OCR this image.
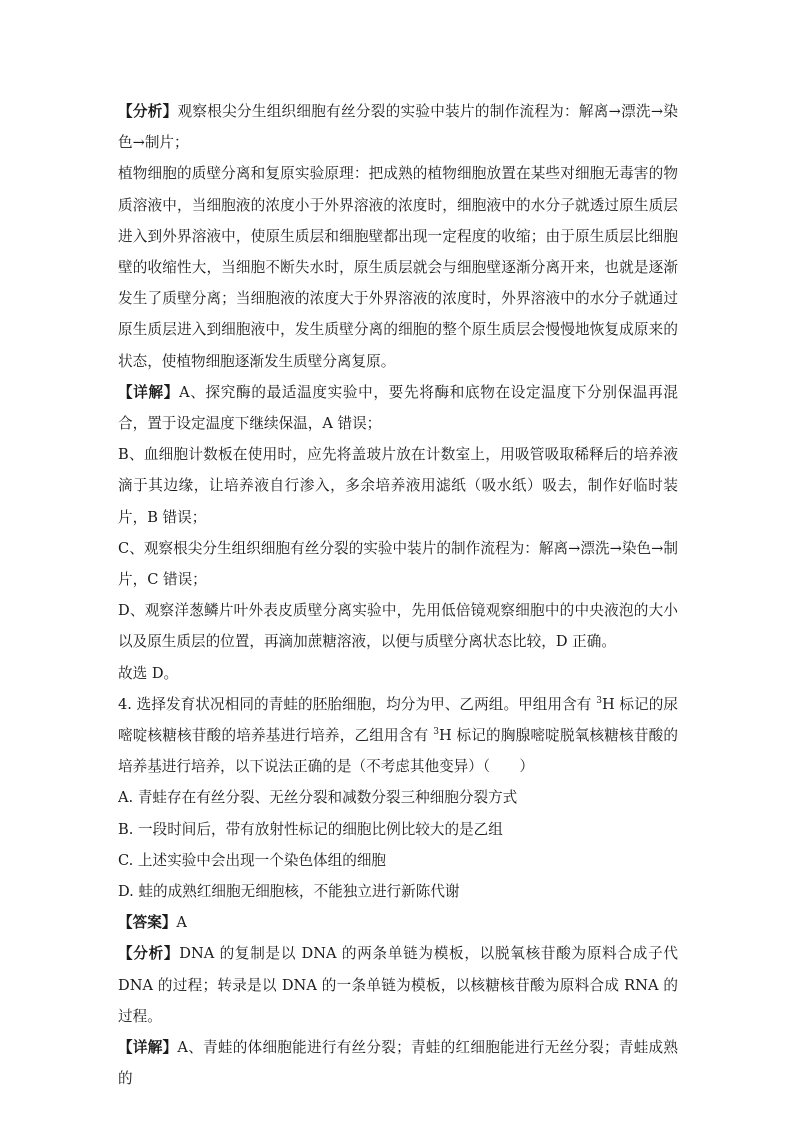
【分析】观察根尖分生组织细胞有丝分裂的实验中装片的制作流程为：解离→漂洗→染色→制片；

植物细胞的质壁分离和复原实验原理：把成熟的植物细胞放置在某些对细胞无毒害的物质溶液中，当细胞液的浓度小于外界溶液的浓度时，细胞液中的水分子就透过原生质层进入到外界溶液中，使原生质层和细胞壁都出现一定程度的收缩；由于原生质层比细胞壁的收缩性大，当细胞不断失水时，原生质层就会与细胞壁逐渐分离开来，也就是逐渐发生了质壁分离；当细胞液的浓度大于外界溶液的浓度时，外界溶液中的水分子就通过原生质层进入到细胞液中，发生质壁分离的细胞的整个原生质层会慢慢地恢复成原来的状态，使植物细胞逐渐发生质壁分离复原。

【详解】A、探究酶的最适温度实验中，要先将酶和底物在设定温度下分别保温再混合，置于设定温度下继续保温，A 错误；

B、血细胞计数板在使用时，应先将盖玻片放在计数室上，用吸管吸取稀释后的培养液滴于其边缘，让培养液自行渗入，多余培养液用滤纸（吸水纸）吸去，制作好临时装片，B 错误；

C、观察根尖分生组织细胞有丝分裂的实验中装片的制作流程为：解离→漂洗→染色→制片，C 错误；

D、观察洋葱鳞片叶外表皮质壁分离实验中，先用低倍镜观察细胞中的中央液泡的大小以及原生质层的位置，再滴加蔗糖溶液，以便与质壁分离状态比较，D 正确。

故选 D。

4. 选择发育状况相同的青蛙的胚胎细胞，均分为甲、乙两组。甲组用含有 $^3$H 标记的尿嘧啶核糖核苷酸的培养基进行培养，乙组用含有 $^3$H 标记的胸腺嘧啶脱氧核糖核苷酸的培养基进行培养，以下说法正确的是（不考虑其他变异）（　　）

A. 青蛙存在有丝分裂、无丝分裂和减数分裂三种细胞分裂方式

B. 一段时间后，带有放射性标记的细胞比例比较大的是乙组

C. 上述实验中会出现一个染色体组的细胞

D. 蛙的成熟红细胞无细胞核，不能独立进行新陈代谢

【答案】A

【分析】DNA 的复制是以 DNA 的两条单链为模板，以脱氧核苷酸为原料合成子代 DNA 的过程；转录是以 DNA 的一条单链为模板，以核糖核苷酸为原料合成 RNA 的过程。

【详解】A、青蛙的体细胞能进行有丝分裂；青蛙的红细胞能进行无丝分裂；青蛙成熟的
